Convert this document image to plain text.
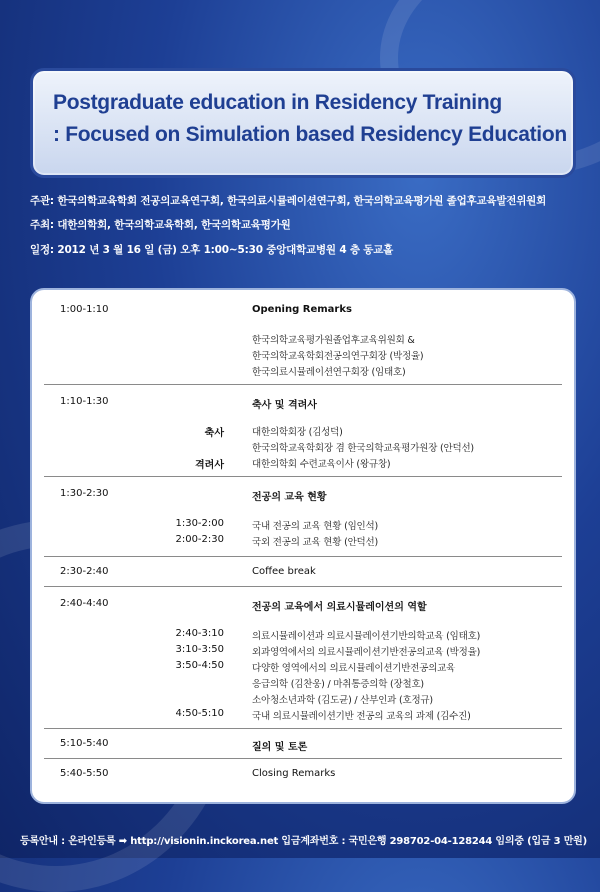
Postgraduate education in Residency Training
: Focused on Simulation based Residency Education
주관: 한국의학교육학회 전공의교육연구회, 한국의료시뮬레이션연구회, 한국의학교육평가원 졸업후교육발전위원회
주최: 대한의학회, 한국의학교육학회, 한국의학교육평가원
일정: 2012 년 3 월 16 일 (금) 오후 1:00~5:30 중앙대학교병원 4 층 동교홀
1:00-1:10	Opening Remarks
한국의학교육평가원졸업후교육위원회 &
한국의학교육학회전공의연구회장 (박정율)
한국의료시뮬레이션연구회장 (임태호)
1:10-1:30	축사 및 격려사
축사	대한의학회장 (김성덕)
한국의학교육학회장 겸 한국의학교육평가원장 (안덕선)
격려사	대한의학회 수련교육이사 (왕규창)
1:30-2:30	전공의 교육 현황
1:30-2:00	국내 전공의 교육 현황 (임인석)
2:00-2:30	국외 전공의 교육 현황 (안덕선)
2:30-2:40	Coffee break
2:40-4:40	전공의 교육에서 의료시뮬레이션의 역할
2:40-3:10	의료시뮬레이션과 의료시뮬레이션기반의학교육 (임태호)
3:10-3:50	외과영역에서의 의료시뮬레이션기반전공의교육 (박정율)
3:50-4:50	다양한 영역에서의 의료시뮬레이션기반전공의교육
응급의학 (김찬웅) / 마취통증의학 (장철호)
소아청소년과학 (김도균) / 산부인과 (호정규)
4:50-5:10	국내 의료시뮬레이션기반 전공의 교육의 과제 (김수진)
5:10-5:40	질의 및 토론
5:40-5:50	Closing Remarks
등록안내 : 온라인등록 ➡ http://visionin.inckorea.net 입금계좌번호 : 국민은행 298702-04-128244 임의중 (입금 3 만원)
